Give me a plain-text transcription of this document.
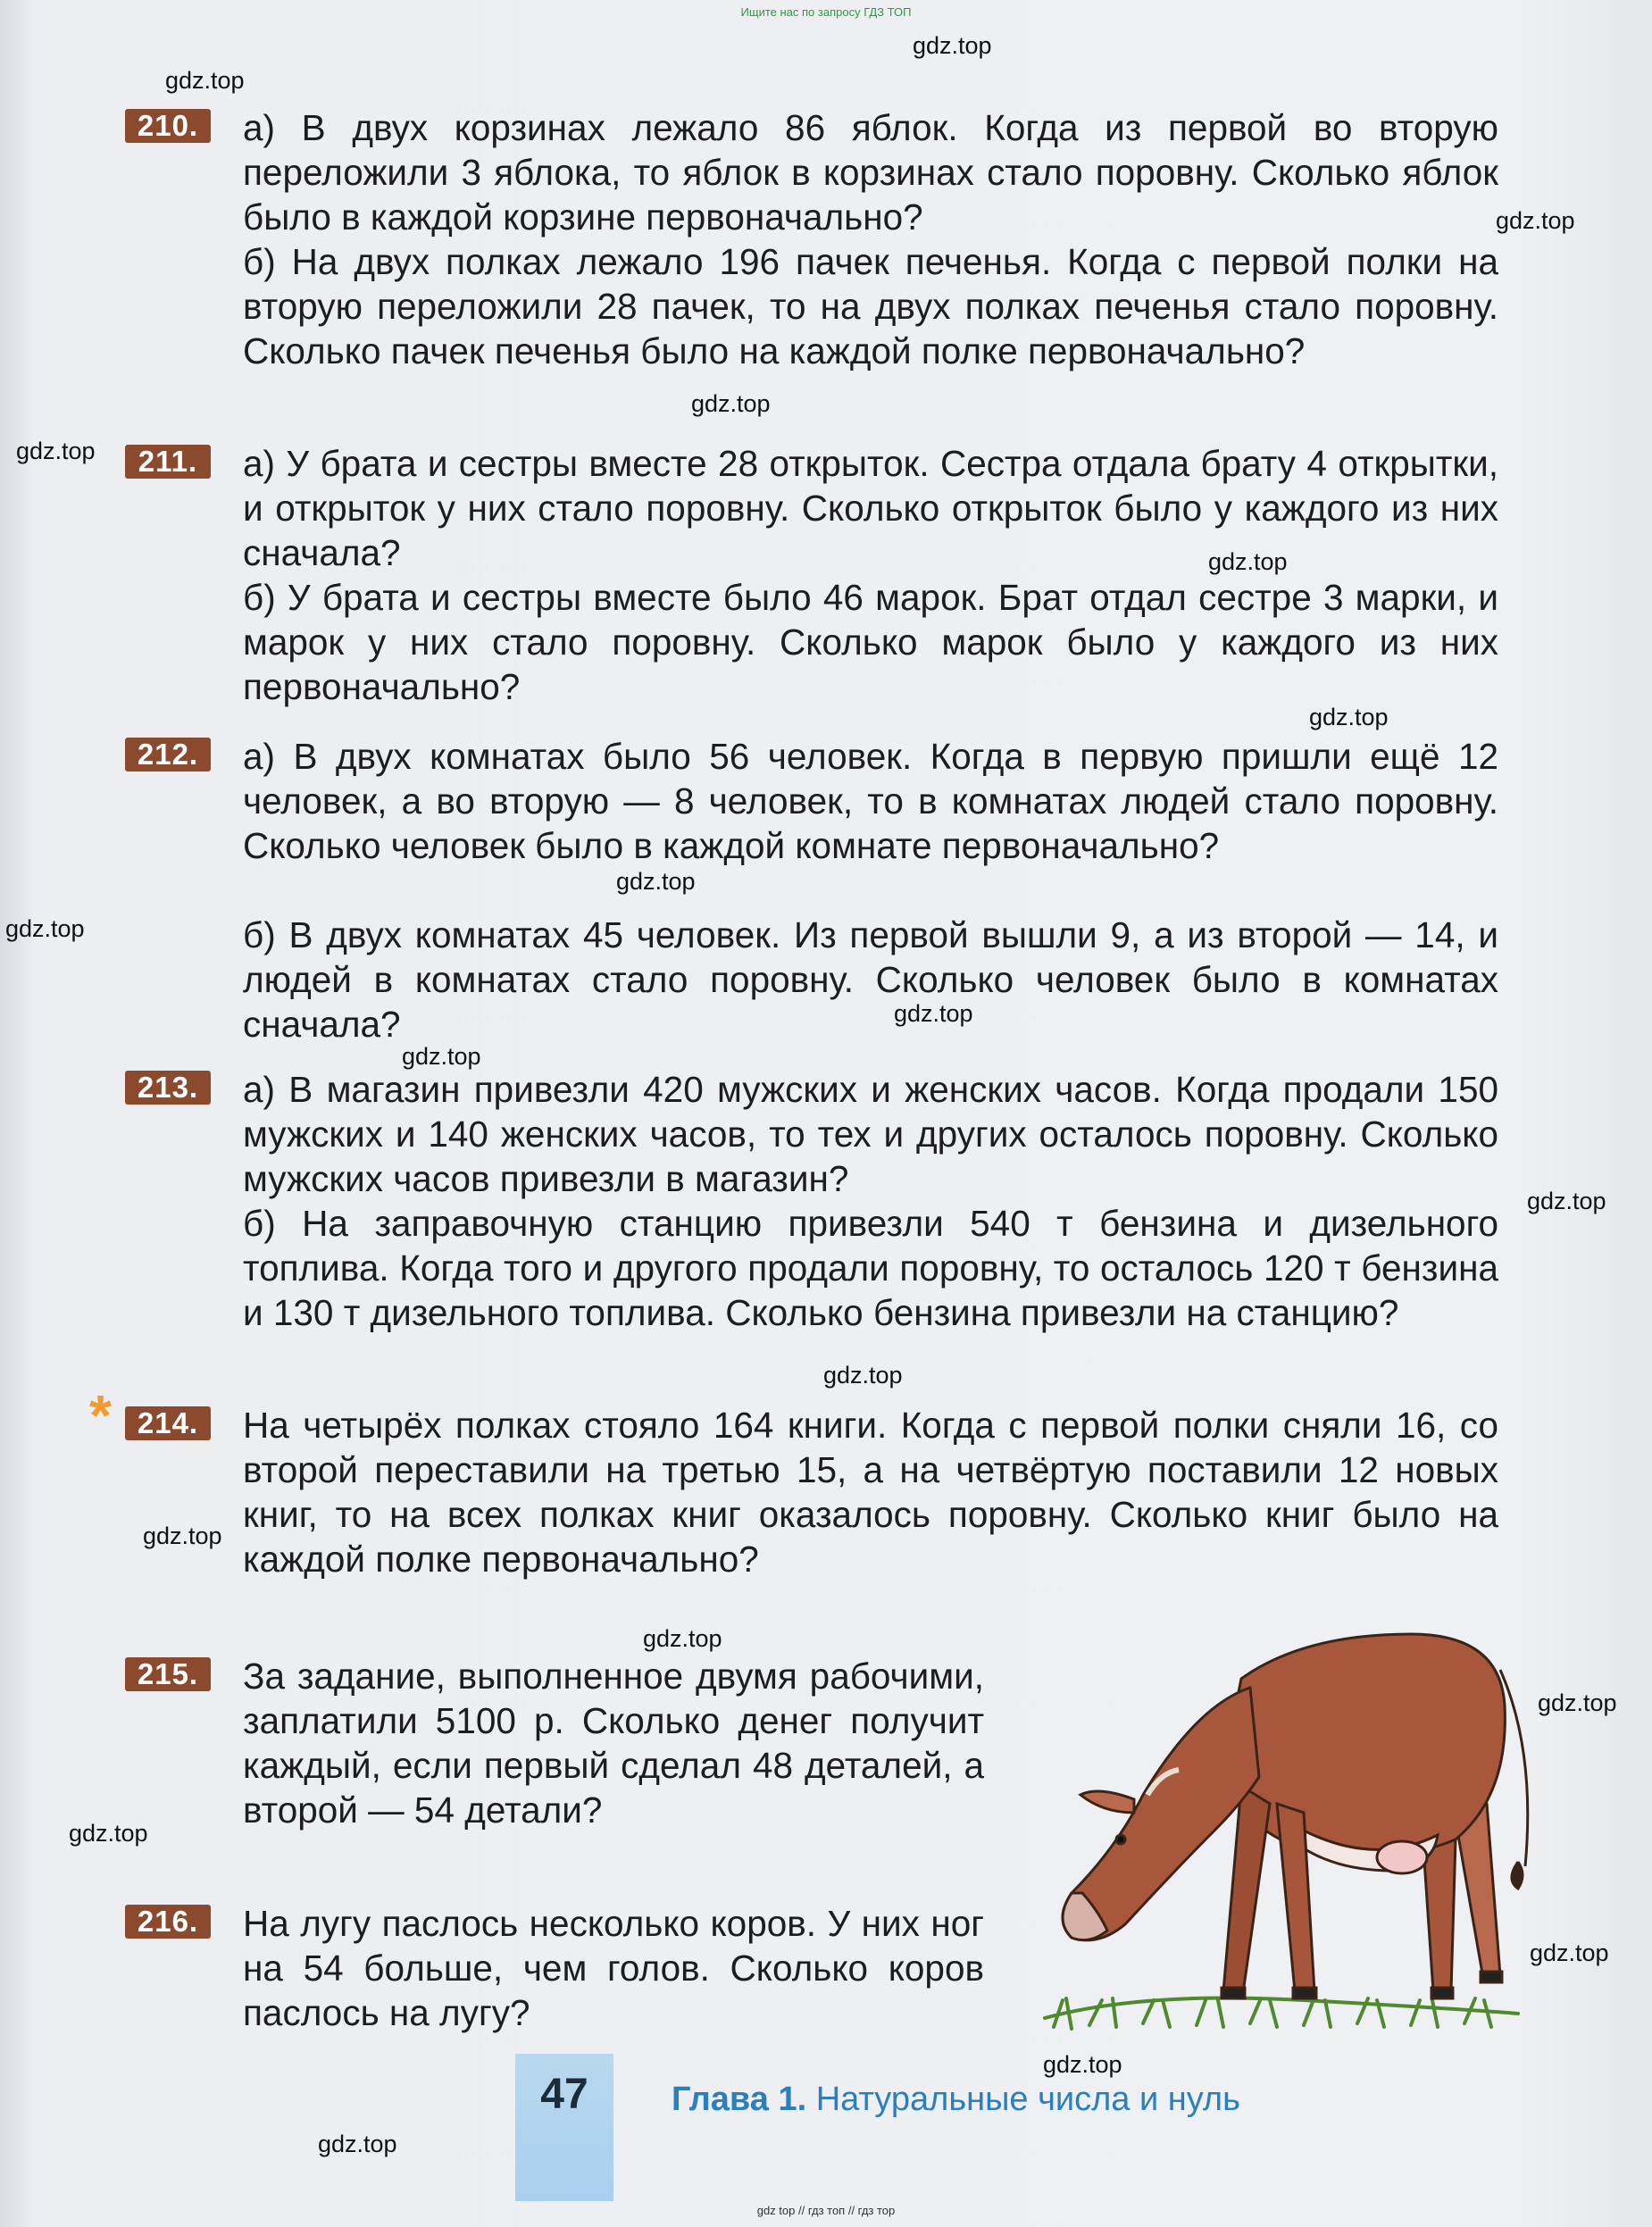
Ищите нас по запросу ГДЗ ТОП
210.	а) В двух корзинах лежало 86 яблок. Когда из первой во вторую переложили 3 яблока, то яблок в корзинах стало поровну. Сколько яблок было в каждой корзине первоначально?

б) На двух полках лежало 196 пачек печенья. Когда с первой полки на вторую переложили 28 пачек, то на двух полках печенья стало поровну. Сколько пачек печенья было на каждой полке первоначально?

211.	а) У брата и сестры вместе 28 открыток. Сестра отдала брату 4 открытки, и открыток у них стало поровну. Сколько открыток было у каждого из них сначала?

б) У брата и сестры вместе было 46 марок. Брат отдал сестре 3 марки, и марок у них стало поровну. Сколько марок было у каждого из них первоначально?

212.	а) В двух комнатах было 56 человек. Когда в первую пришли ещё 12 человек, а во вторую — 8 человек, то в комнатах людей стало поровну. Сколько человек было в каждой комнате первоначально?

б) В двух комнатах 45 человек. Из первой вышли 9, а из второй — 14, и людей в комнатах стало поровну. Сколько человек было в комнатах сначала?

213.	а) В магазин привезли 420 мужских и женских часов. Когда продали 150 мужских и 140 женских часов, то тех и других осталось поровну. Сколько мужских часов привезли в магазин?

б) На заправочную станцию привезли 540 т бензина и дизельного топлива. Когда того и другого продали поровну, то осталось 120 т бензина и 130 т дизельного топлива. Сколько бензина привезли на станцию?

* 214.	На четырёх полках стояло 164 книги. Когда с первой полки сняли 16, со второй переставили на третью 15, а на четвёртую поставили 12 новых книг, то на всех полках книг оказалось поровну. Сколько книг было на каждой полке первоначально?

215.	За задание, выполненное двумя рабочими, заплатили 5100 р. Сколько денег получит каждый, если первый сделал 48 деталей, а второй — 54 детали?

216.	На лугу паслось несколько коров. У них ног на 54 больше, чем голов. Сколько коров паслось на лугу?

47	Глава 1. Натуральные числа и нуль
gdz.top
gdz.top
gdz.top
gdz.top
gdz.top
gdz.top
gdz.top
gdz.top
gdz.top
gdz.top
gdz.top
gdz.top
gdz.top
gdz.top
gdz.top
gdz.top
gdz.top
gdz.top
gdz.top
gdz.top
gdz top // гдз топ // гдз тор
